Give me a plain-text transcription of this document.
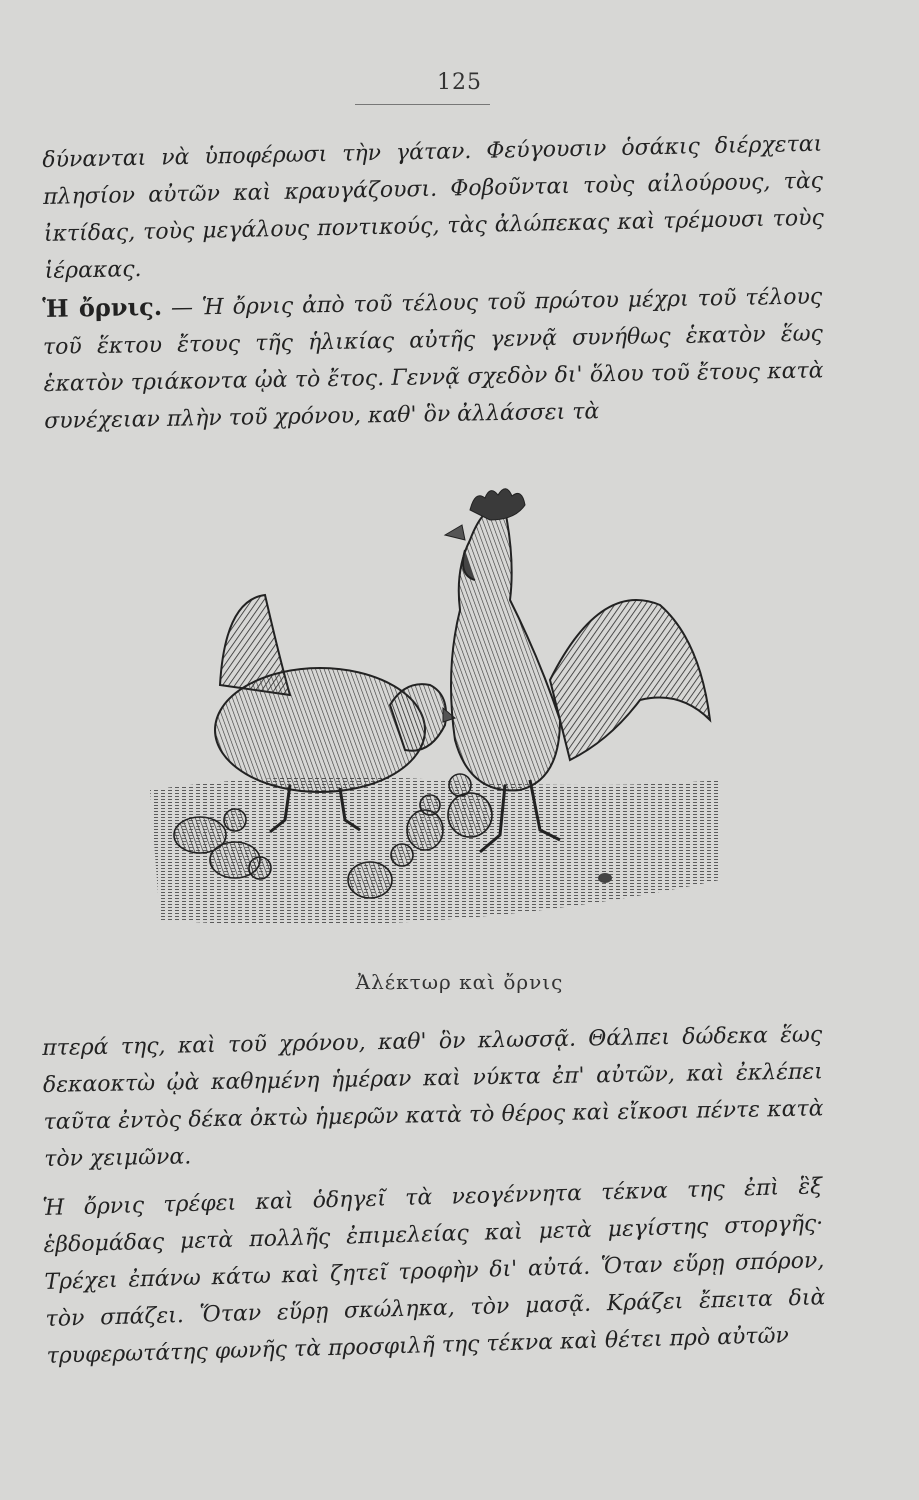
125

δύνανται νὰ ὑποφέρωσι τὴν γάταν. Φεύγουσιν ὁσάκις διέρχεται πλησίον αὐτῶν καὶ κραυγάζουσι. Φοβοῦνται τοὺς αἰλούρους, τὰς ἰκτίδας, τοὺς μεγάλους ποντικούς, τὰς ἀλώπεκας καὶ τρέμουσι τοὺς ἱέρακας.

Ἡ ὄρνις. — Ἡ ὄρνις ἀπὸ τοῦ τέλους τοῦ πρώτου μέχρι τοῦ τέλους τοῦ ἕκτου ἔτους τῆς ἡλικίας αὐτῆς γεννᾷ συνήθως ἑκατὸν ἕως ἑκατὸν τριάκοντα ᾠὰ τὸ ἔτος. Γεννᾷ σχεδὸν δι' ὅλου τοῦ ἔτους κατὰ συνέχειαν πλὴν τοῦ χρόνου, καθ' ὃν ἀλλάσσει τὰ

Ἀλέκτωρ καὶ ὄρνις

πτερά της, καὶ τοῦ χρόνου, καθ' ὃν κλωσσᾷ. Θάλπει δώδεκα ἕως δεκαοκτὼ ᾠὰ καθημένη ἡμέραν καὶ νύκτα ἐπ' αὐτῶν, καὶ ἐκλέπει ταῦτα ἐντὸς δέκα ὀκτὼ ἡμερῶν κατὰ τὸ θέρος καὶ εἴκοσι πέντε κατὰ τὸν χειμῶνα.

Ἡ ὄρνις τρέφει καὶ ὁδηγεῖ τὰ νεογέννητα τέκνα της ἐπὶ ἓξ ἑβδομάδας μετὰ πολλῆς ἐπιμελείας καὶ μετὰ μεγίστης στοργῆς· Τρέχει ἐπάνω κάτω καὶ ζητεῖ τροφὴν δι' αὐτά. Ὅταν εὕρῃ σπόρον, τὸν σπάζει. Ὅταν εὕρῃ σκώληκα, τὸν μασᾷ. Κράζει ἔπειτα διὰ τρυφερωτάτης φωνῆς τὰ προσφιλῆ της τέκνα καὶ θέτει πρὸ αὐτῶν
